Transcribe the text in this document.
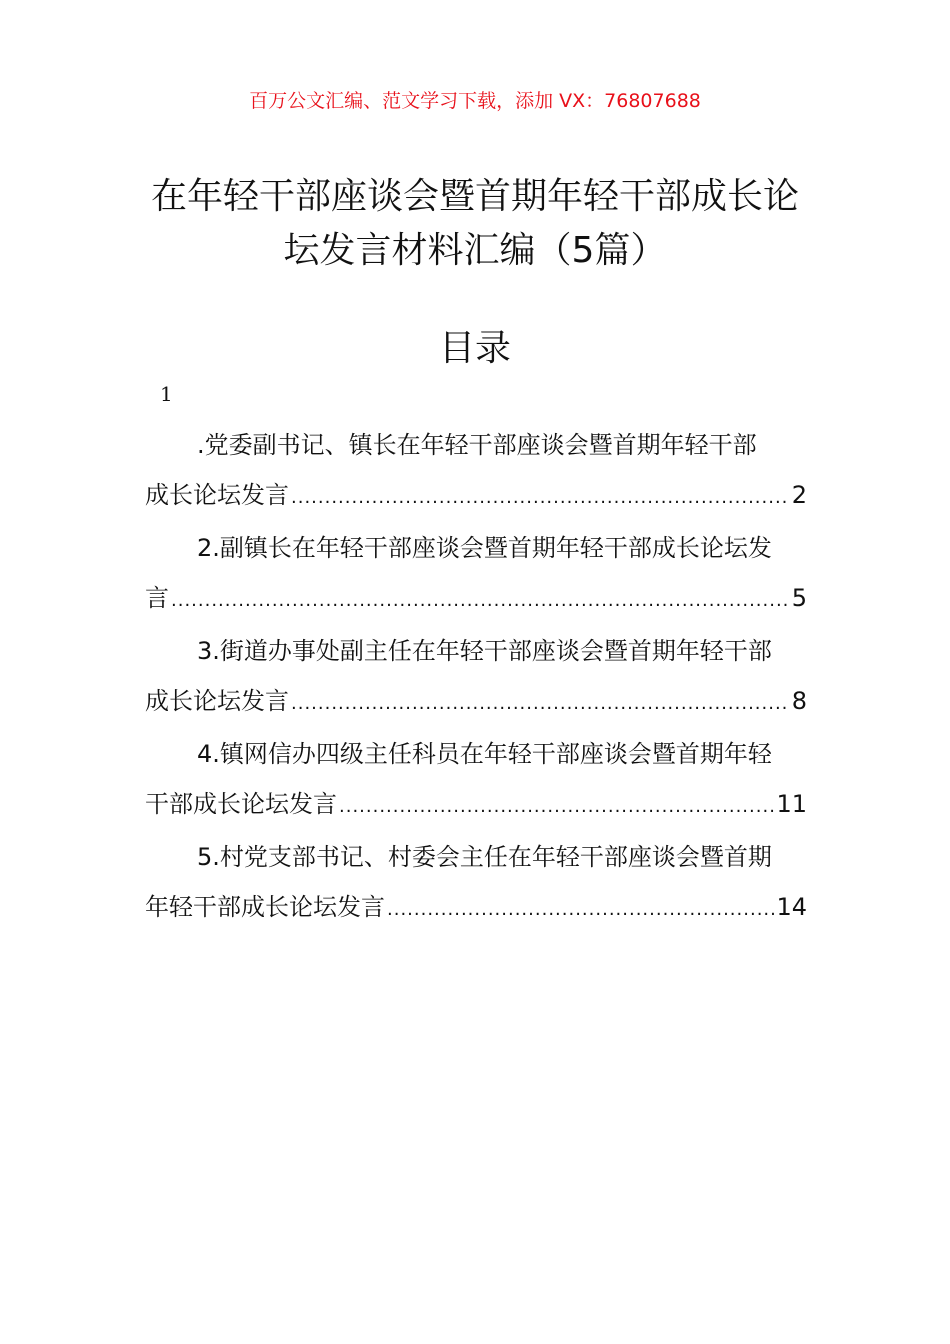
百万公文汇编、范文学习下载，添加 VX：76807688
在年轻干部座谈会暨首期年轻干部成长论
坛发言材料汇编（5篇）
目录
1
.党委副书记、镇长在年轻干部座谈会暨首期年轻干部
成长论坛发言 .....	2
2.副镇长在年轻干部座谈会暨首期年轻干部成长论坛发
言 .....	5
3.街道办事处副主任在年轻干部座谈会暨首期年轻干部
成长论坛发言 .....	8
4.镇网信办四级主任科员在年轻干部座谈会暨首期年轻
干部成长论坛发言 .....	11
5.村党支部书记、村委会主任在年轻干部座谈会暨首期
年轻干部成长论坛发言 .....	14
